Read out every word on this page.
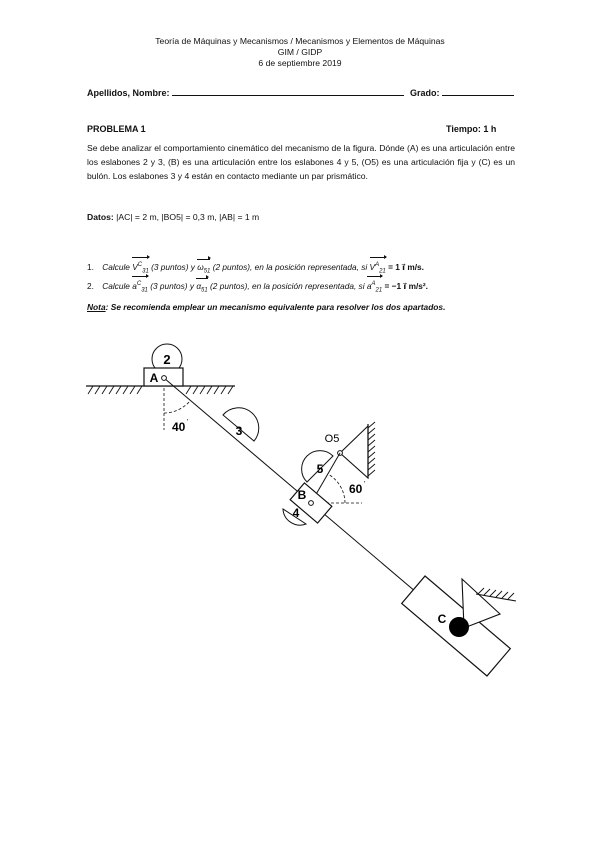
Teoría de Máquinas y Mecanismos / Mecanismos y Elementos de Máquinas
GIM / GIDP
6 de septiembre 2019
Apellidos, Nombre:	Grado:
PROBLEMA 1	Tiempo: 1 h
Se debe analizar el comportamiento cinemático del mecanismo de la figura. Dónde (A) es una articulación entre los eslabones 2 y 3, (B) es una articulación entre los eslabones 4 y 5, (O5) es una articulación fija y (C) es un bulón. Los eslabones 3 y 4 están en contacto mediante un par prismático.
Datos: |AC| = 2 m, |BO5| = 0,3 m, |AB| = 1 m
1. Calcule $V^C_{31}$ (3 puntos) y $\omega_{51}$ (2 puntos), en la posición representada, si $V^A_{21} = 1$ i⃗ m/s.
2. Calcule $a^C_{31}$ (3 puntos) y $\alpha_{51}$ (2 puntos), en la posición representada, si $a^A_{21} = -1$ i⃗ m/s².
Nota: Se recomienda emplear un mecanismo equivalente para resolver los dos apartados.
2
A
40 '
3
O5
5
60 '
4
B
C
